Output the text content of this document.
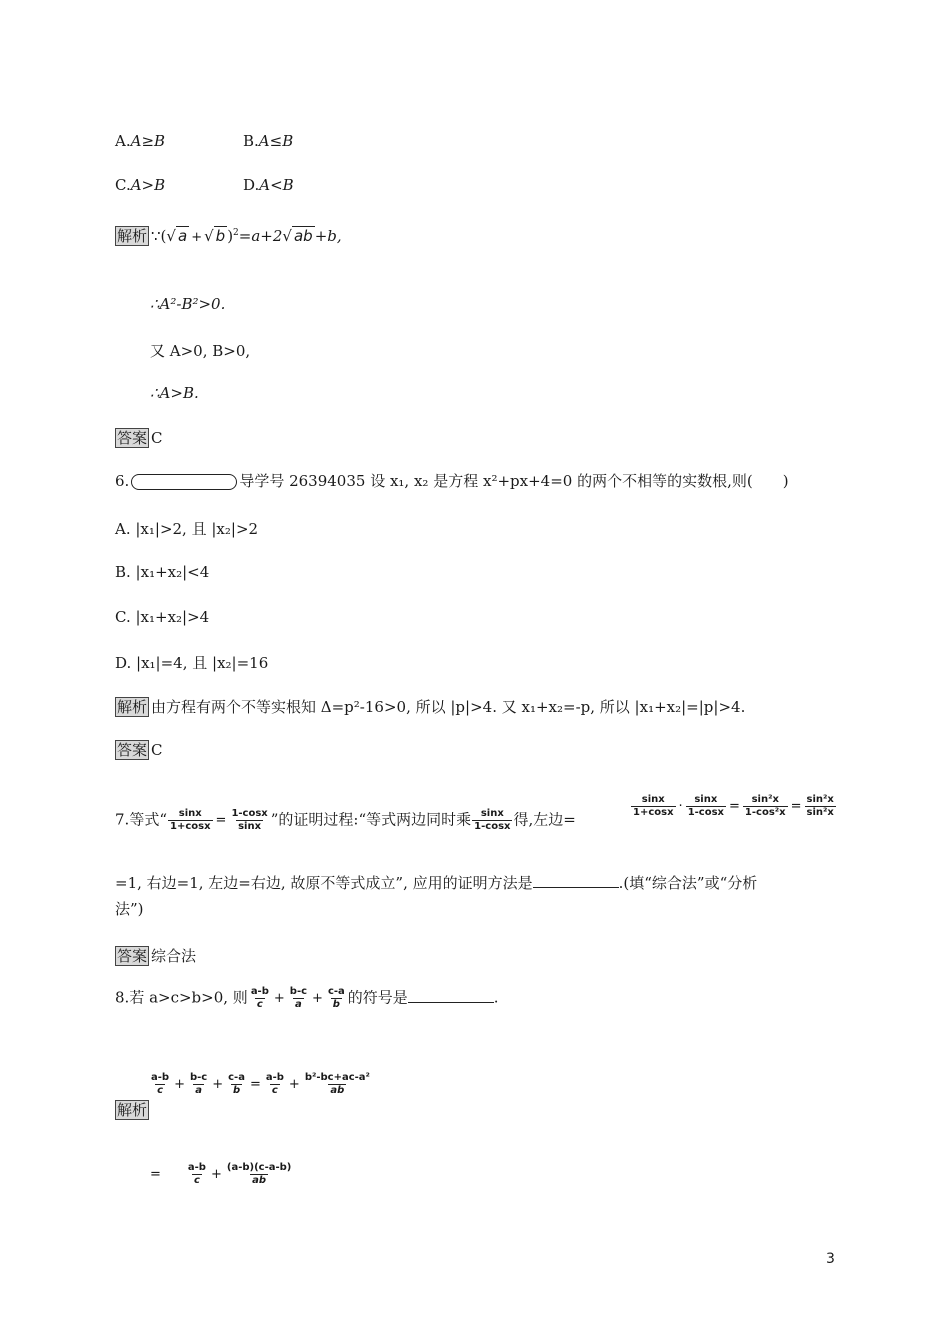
A.A≥B	B.A≤B
C.A>B	D.A<B
解析 ∵(√ a + √ b )$^2$=a+2√ ab +b,
∴A²-B²>0.
又 A>0, B>0,
∴A>B.
答案 C
6.	导学号 26394035 设 x₁, x₂ 是方程 x²+px+4=0 的两个不相等的实数根,则(　　)
A. |x₁|>2, 且 |x₂|>2
B. |x₁+x₂|<4
C. |x₁+x₂|>4
D. |x₁|=4, 且 |x₂|=16
解析 由方程有两个不等实根知 Δ=p²-16>0, 所以 |p|>4. 又 x₁+x₂=-p, 所以 |x₁+x₂|=|p|>4.
答案 C
7.等式“ $\frac{\sin x}{1+\cos x} = \frac{1-\cos x}{\sin x}$ ”的证明过程:“等式两边同时乘 $\frac{\sin x}{1-\cos x}$ 得,左边=
$\frac{\sin x}{1+\cos x} \cdot \frac{\sin x}{1-\cos x} = \frac{\text{sin²x}}{\text{1-cos²x}} = \frac{\text{sin²x}}{\text{sin²x}}$
=1, 右边=1, 左边=右边, 故原不等式成立”, 应用的证明方法是	.(填“综合法”或“分析
法”)
答案 综合法
8.若 a>c>b>0, 则 $\frac{a-b}{c} + \frac{b-c}{a} + \frac{c-a}{b}$ 的符号是	.
$\frac{a-b}{c} + \frac{b-c}{a} + \frac{c-a}{b} = \frac{a-b}{c} + \frac{\text{b²-bc+ac-a²}}{ab}$
解析
=	$\frac{a-b}{c} + \frac{(a-b)(c-a-b)}{ab}$
3
